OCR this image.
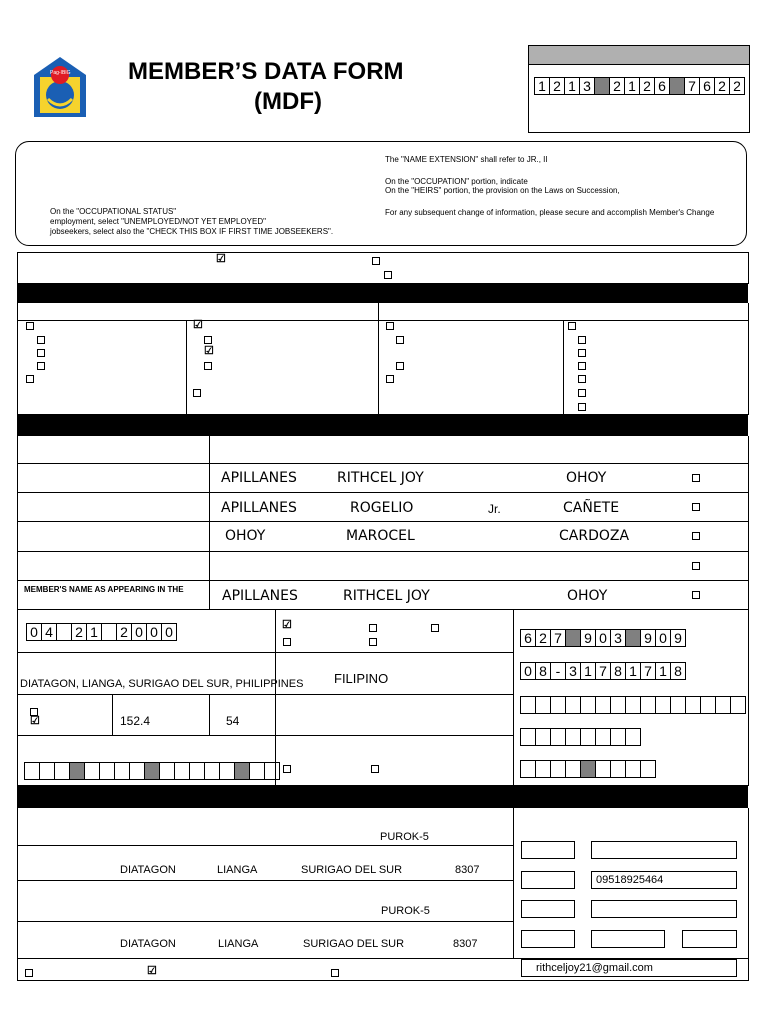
Pag-IBIG MEMBER’S DATA FORM
(MDF)
1 2 1 3 2 1 2 6 7 6 2 2
The "NAME EXTENSION" shall refer to JR., II
On the "OCCUPATION" portion, indicate
On the "HEIRS" portion, the provision on the Laws on Succession,
For any subsequent change of information, please secure and accomplish Member's Change
On the "OCCUPATIONAL STATUS"
employment, select "UNEMPLOYED/NOT YET EMPLOYED"
jobseekers, select also the "CHECK THIS BOX IF FIRST TIME JOBSEEKERS".
☑
☑
☑
APILLANES	RITHCEL JOY	OHOY
APILLANES	ROGELIO	Jr.	CAÑETE
OHOY	MAROCEL	CARDOZA
MEMBER'S NAME AS APPEARING IN THE	APILLANES	RITHCEL JOY	OHOY
0 4 2 1 2 0 0 0	☑
DIATAGON, LIANGA, SURIGAO DEL SUR, PHILIPPINES FILIPINO
☑	152.4	54
6 2 7 9 0 3 9 0 9
0 8 - 3 1 7 8 1 7 1 8
PUROK-5
DIATAGON	LIANGA	SURIGAO DEL SUR	8307
PUROK-5
DIATAGON	LIANGA	SURIGAO DEL SUR	8307
09518925464
rithceljoy21@gmail.com
☑
